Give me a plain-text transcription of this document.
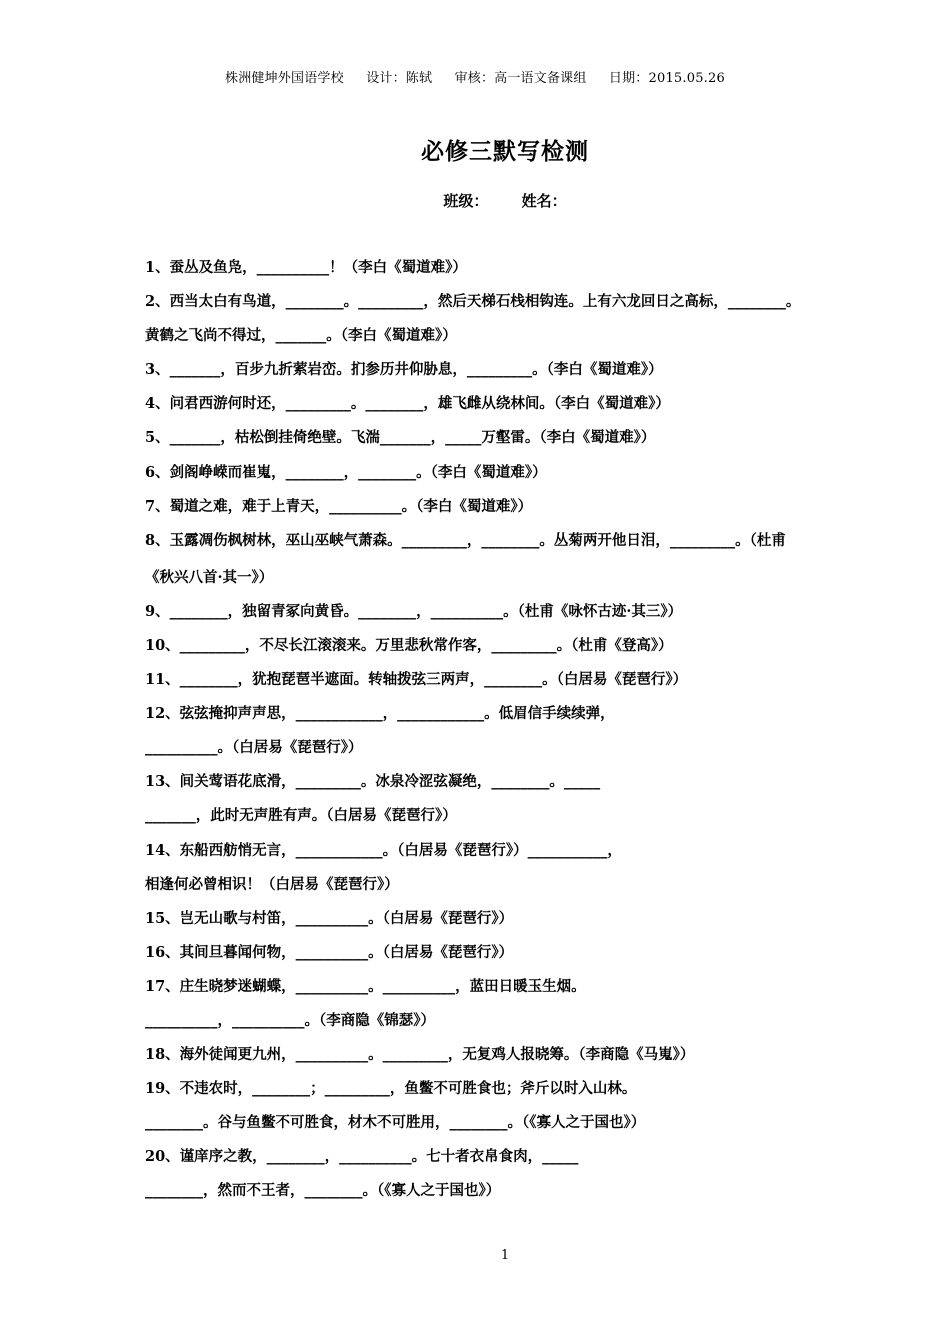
株洲健坤外国语学校 设计：陈轼 审核：高一语文备课组 日期：2015.05.26
必修三默写检测
班级： 姓名：
1、蚕丛及鱼凫，__________！（李白《蜀道难》）
2、西当太白有鸟道，________。_________，然后天梯石栈相钩连。上有六龙回日之高标，________。
黄鹤之飞尚不得过，_______。（李白《蜀道难》）
3、_______，百步九折萦岩峦。扪参历井仰胁息，_________。（李白《蜀道难》）
4、问君西游何时还，_________。________，雄飞雌从绕林间。（李白《蜀道难》）
5、_______，枯松倒挂倚绝壁。飞湍_______，_____万壑雷。（李白《蜀道难》）
6、剑阁峥嵘而崔嵬，________，________。（李白《蜀道难》）
7、蜀道之难，难于上青天，__________。（李白《蜀道难》）
8、玉露凋伤枫树林，巫山巫峡气萧森。_________，________。丛菊两开他日泪，_________。（杜甫
《秋兴八首·其一》）
9、________，独留青冢向黄昏。________，__________。（杜甫《咏怀古迹·其三》）
10、_________，不尽长江滚滚来。万里悲秋常作客，_________。（杜甫《登高》）
11、________，犹抱琵琶半遮面。转轴拨弦三两声，________。（白居易《琵琶行》）
12、弦弦掩抑声声思，____________，____________。低眉信手续续弹，
__________。（白居易《琵琶行》）
13、间关莺语花底滑，_________。冰泉冷涩弦凝绝，________。_____
_______，此时无声胜有声。（白居易《琵琶行》）
14、东船西舫悄无言，____________。（白居易《琵琶行》）___________，
相逢何必曾相识！（白居易《琵琶行》）
15、岂无山歌与村笛，__________。（白居易《琵琶行》）
16、其间旦暮闻何物，__________。（白居易《琵琶行》）
17、庄生晓梦迷蝴蝶，__________。__________，蓝田日暖玉生烟。
__________，__________。（李商隐《锦瑟》）
18、海外徒闻更九州，__________。_________，无复鸡人报晓筹。（李商隐《马嵬》）
19、不违农时，________；_________，鱼鳖不可胜食也；斧斤以时入山林。
________。谷与鱼鳖不可胜食，材木不可胜用，________。（《寡人之于国也》）
20、谨庠序之教，________，__________。七十者衣帛食肉，_____
________，然而不王者，________。（《寡人之于国也》）
1
